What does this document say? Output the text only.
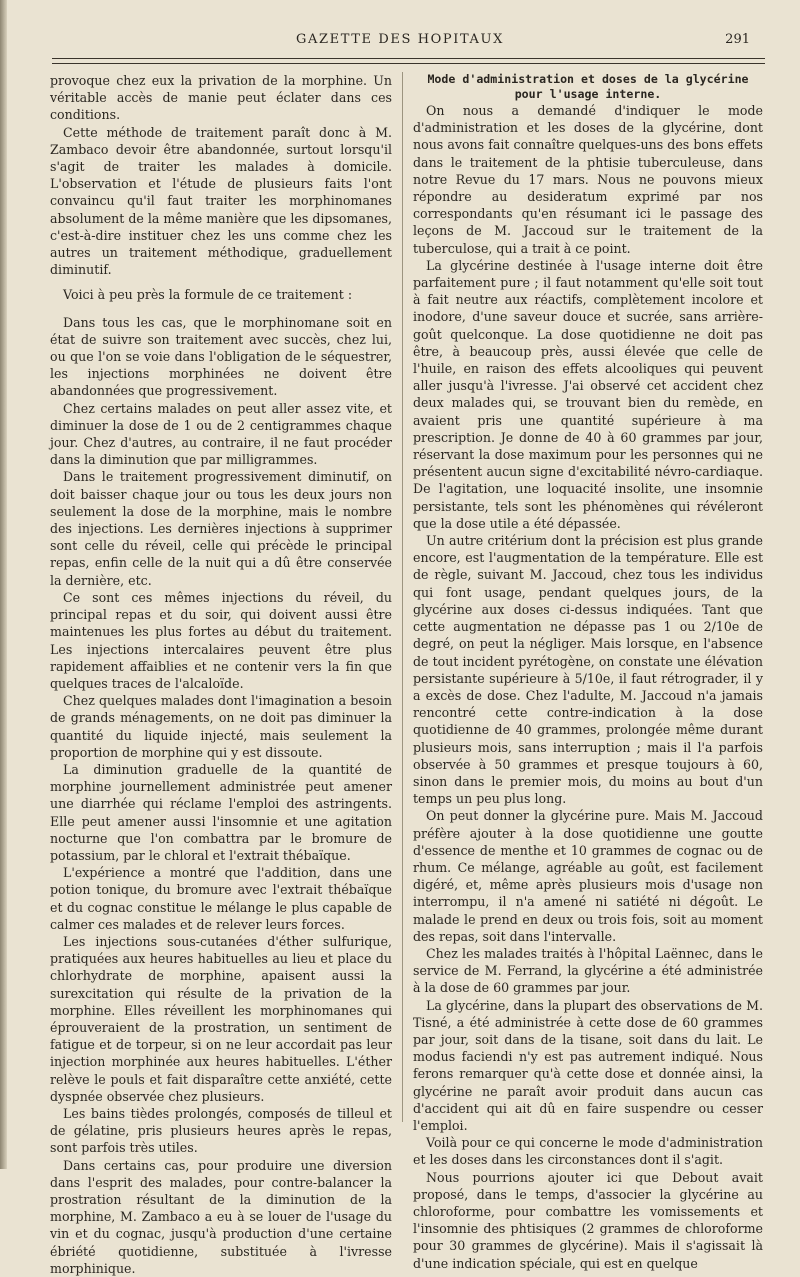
GAZETTE DES HOPITAUX	291

provoque chez eux la privation de la morphine. Un véritable accès de manie peut éclater dans ces conditions.

Cette méthode de traitement paraît donc à M. Zambaco devoir être abandonnée, surtout lorsqu'il s'agit de traiter les malades à domicile. L'observation et l'étude de plusieurs faits l'ont convaincu qu'il faut traiter les morphinomanes absolument de la même manière que les dipsomanes, c'est-à-dire instituer chez les uns comme chez les autres un traitement méthodique, graduellement diminutif.

Voici à peu près la formule de ce traitement :

Dans tous les cas, que le morphinomane soit en état de suivre son traitement avec succès, chez lui, ou que l'on se voie dans l'obligation de le séquestrer, les injections morphinées ne doivent être abandonnées que progressivement.

Chez certains malades on peut aller assez vite, et diminuer la dose de 1 ou de 2 centigrammes chaque jour. Chez d'autres, au contraire, il ne faut procéder dans la diminution que par milligrammes.

Dans le traitement progressivement diminutif, on doit baisser chaque jour ou tous les deux jours non seulement la dose de la morphine, mais le nombre des injections. Les dernières injections à supprimer sont celle du réveil, celle qui précède le principal repas, enfin celle de la nuit qui a dû être conservée la dernière, etc.

Ce sont ces mêmes injections du réveil, du principal repas et du soir, qui doivent aussi être maintenues les plus fortes au début du traitement. Les injections intercalaires peuvent être plus rapidement affaiblies et ne contenir vers la fin que quelques traces de l'alcaloïde.

Chez quelques malades dont l'imagination a besoin de grands ménagements, on ne doit pas diminuer la quantité du liquide injecté, mais seulement la proportion de morphine qui y est dissoute.

La diminution graduelle de la quantité de morphine journellement administrée peut amener une diarrhée qui réclame l'emploi des astringents. Elle peut amener aussi l'insomnie et une agitation nocturne que l'on combattra par le bromure de potassium, par le chloral et l'extrait thébaïque.

L'expérience a montré que l'addition, dans une potion tonique, du bromure avec l'extrait thébaïque et du cognac constitue le mélange le plus capable de calmer ces malades et de relever leurs forces.

Les injections sous-cutanées d'éther sulfurique, pratiquées aux heures habituelles au lieu et place du chlorhydrate de morphine, apaisent aussi la surexcitation qui résulte de la privation de la morphine. Elles réveillent les morphinomanes qui éprouveraient de la prostration, un sentiment de fatigue et de torpeur, si on ne leur accordait pas leur injection morphinée aux heures habituelles. L'éther relève le pouls et fait disparaître cette anxiété, cette dyspnée observée chez plusieurs.

Les bains tièdes prolongés, composés de tilleul et de gélatine, pris plusieurs heures après le repas, sont parfois très utiles.

Dans certains cas, pour produire une diversion dans l'esprit des malades, pour contre-balancer la prostration résultant de la diminution de la morphine, M. Zambaco a eu à se louer de l'usage du vin et du cognac, jusqu'à production d'une certaine ébriété quotidienne, substituée à l'ivresse morphinique.

Mode d'administration et doses de la glycérine pour l'usage interne.

On nous a demandé d'indiquer le mode d'administration et les doses de la glycérine, dont nous avons fait connaître quelques-uns des bons effets dans le traitement de la phtisie tuberculeuse, dans notre Revue du 17 mars. Nous ne pouvons mieux répondre au desideratum exprimé par nos correspondants qu'en résumant ici le passage des leçons de M. Jaccoud sur le traitement de la tuberculose, qui a trait à ce point.

La glycérine destinée à l'usage interne doit être parfaitement pure ; il faut notamment qu'elle soit tout à fait neutre aux réactifs, complètement incolore et inodore, d'une saveur douce et sucrée, sans arrière-goût quelconque. La dose quotidienne ne doit pas être, à beaucoup près, aussi élevée que celle de l'huile, en raison des effets alcooliques qui peuvent aller jusqu'à l'ivresse. J'ai observé cet accident chez deux malades qui, se trouvant bien du remède, en avaient pris une quantité supérieure à ma prescription. Je donne de 40 à 60 grammes par jour, réservant la dose maximum pour les personnes qui ne présentent aucun signe d'excitabilité névro-cardiaque. De l'agitation, une loquacité insolite, une insomnie persistante, tels sont les phénomènes qui révéleront que la dose utile a été dépassée.

Un autre critérium dont la précision est plus grande encore, est l'augmentation de la température. Elle est de règle, suivant M. Jaccoud, chez tous les individus qui font usage, pendant quelques jours, de la glycérine aux doses ci-dessus indiquées. Tant que cette augmentation ne dépasse pas 1 ou 2/10e de degré, on peut la négliger. Mais lorsque, en l'absence de tout incident pyrétogène, on constate une élévation persistante supérieure à 5/10e, il faut rétrograder, il y a excès de dose. Chez l'adulte, M. Jaccoud n'a jamais rencontré cette contre-indication à la dose quotidienne de 40 grammes, prolongée même durant plusieurs mois, sans interruption ; mais il l'a parfois observée à 50 grammes et presque toujours à 60, sinon dans le premier mois, du moins au bout d'un temps un peu plus long.

On peut donner la glycérine pure. Mais M. Jaccoud préfère ajouter à la dose quotidienne une goutte d'essence de menthe et 10 grammes de cognac ou de rhum. Ce mélange, agréable au goût, est facilement digéré, et, même après plusieurs mois d'usage non interrompu, il n'a amené ni satiété ni dégoût. Le malade le prend en deux ou trois fois, soit au moment des repas, soit dans l'intervalle.

Chez les malades traités à l'hôpital Laënnec, dans le service de M. Ferrand, la glycérine a été administrée à la dose de 60 grammes par jour.

La glycérine, dans la plupart des observations de M. Tisné, a été administrée à cette dose de 60 grammes par jour, soit dans de la tisane, soit dans du lait. Le modus faciendi n'y est pas autrement indiqué. Nous ferons remarquer qu'à cette dose et donnée ainsi, la glycérine ne paraît avoir produit dans aucun cas d'accident qui ait dû en faire suspendre ou cesser l'emploi.

Voilà pour ce qui concerne le mode d'administration et les doses dans les circonstances dont il s'agit.

Nous pourrions ajouter ici que Debout avait proposé, dans le temps, d'associer la glycérine au chloroforme, pour combattre les vomissements et l'insomnie des phtisiques (2 grammes de chloroforme pour 30 grammes de glycérine). Mais il s'agissait là d'une indication spéciale, qui est en quelque
